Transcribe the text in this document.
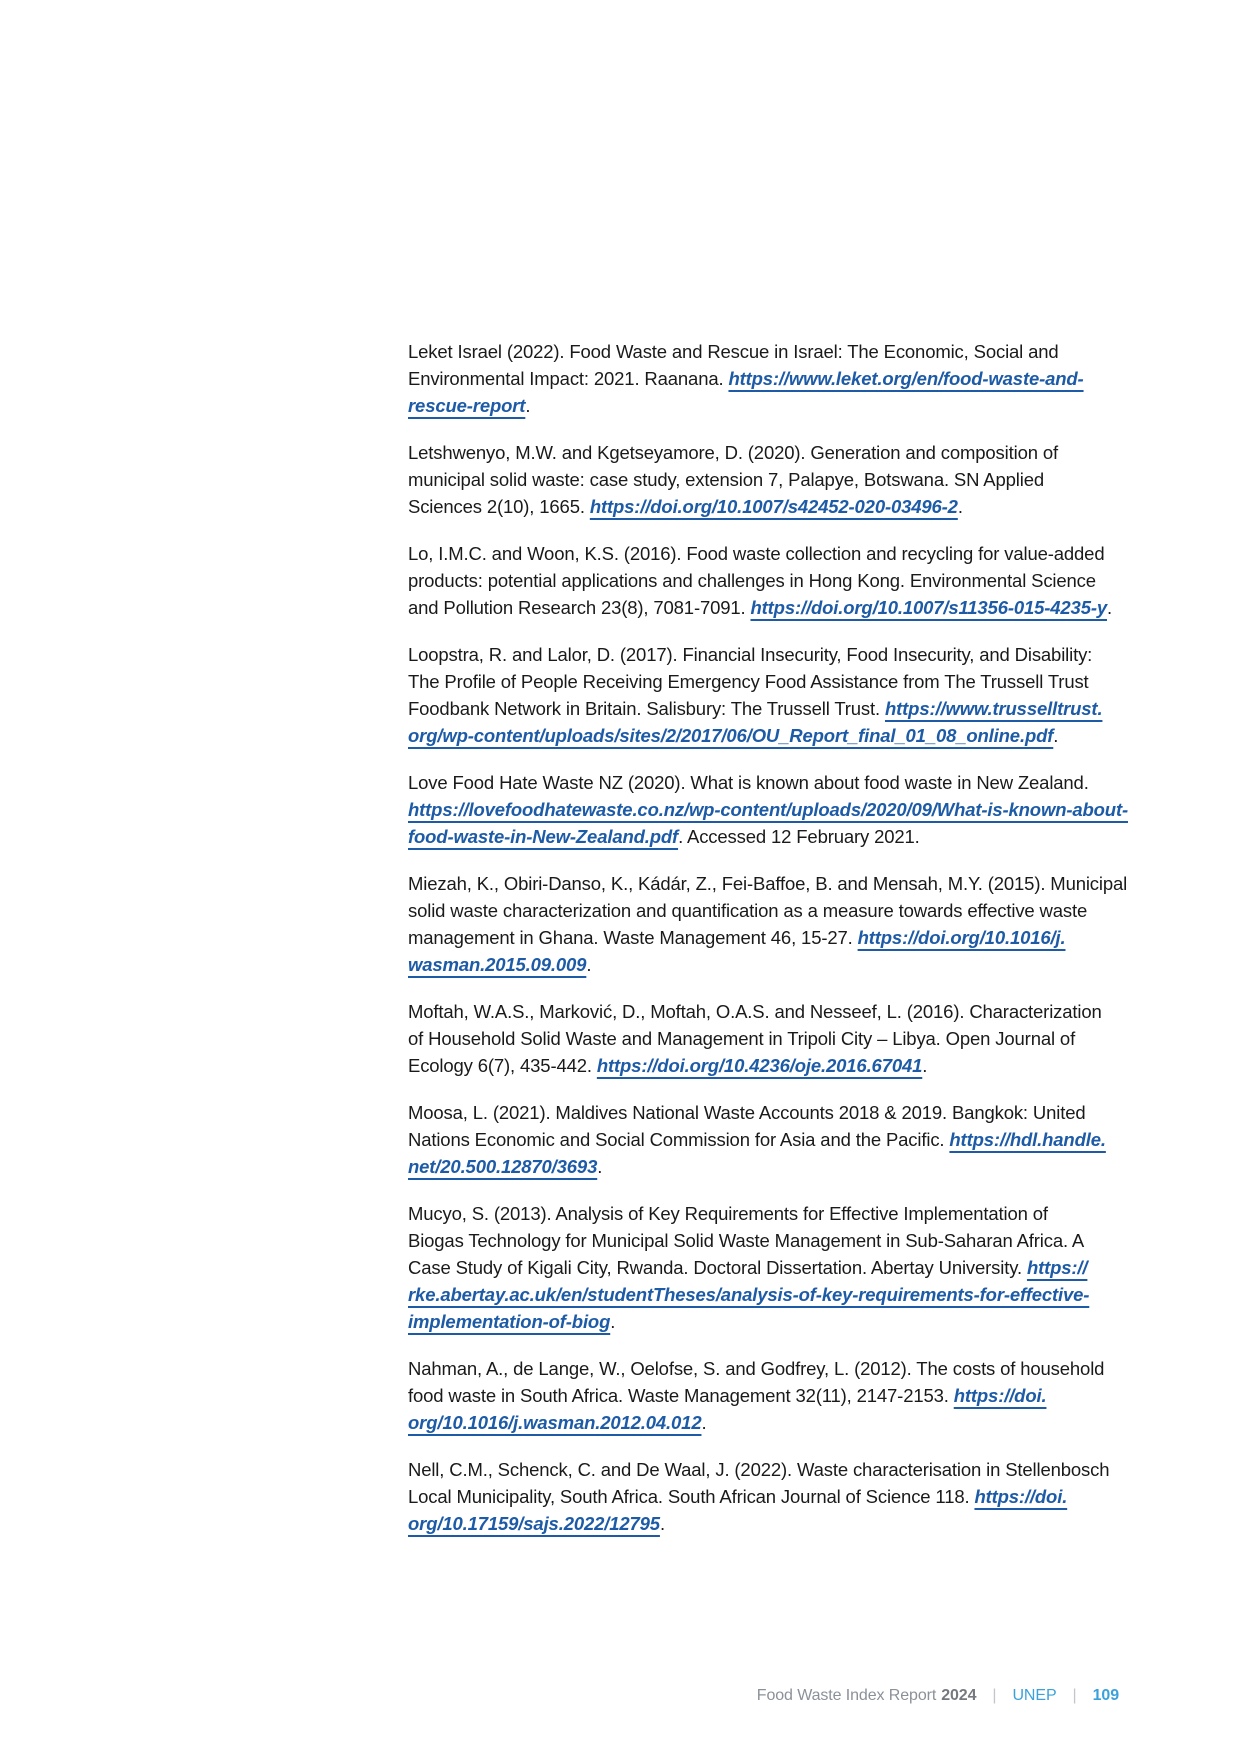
Leket Israel (2022). Food Waste and Rescue in Israel: The Economic, Social and
Environmental Impact: 2021. Raanana. https://www.leket.org/en/food-waste-and-
rescue-report.
Letshwenyo, M.W. and Kgetseyamore, D. (2020). Generation and composition of
municipal solid waste: case study, extension 7, Palapye, Botswana. SN Applied
Sciences 2(10), 1665. https://doi.org/10.1007/s42452-020-03496-2.
Lo, I.M.C. and Woon, K.S. (2016). Food waste collection and recycling for value-added
products: potential applications and challenges in Hong Kong. Environmental Science
and Pollution Research 23(8), 7081-7091. https://doi.org/10.1007/s11356-015-4235-y.
Loopstra, R. and Lalor, D. (2017). Financial Insecurity, Food Insecurity, and Disability:
The Profile of People Receiving Emergency Food Assistance from The Trussell Trust
Foodbank Network in Britain. Salisbury: The Trussell Trust. https://www.trusselltrust.
org/wp-content/uploads/sites/2/2017/06/OU_Report_final_01_08_online.pdf.
Love Food Hate Waste NZ (2020). What is known about food waste in New Zealand.
https://lovefoodhatewaste.co.nz/wp-content/uploads/2020/09/What-is-known-about-
food-waste-in-New-Zealand.pdf. Accessed 12 February 2021.
Miezah, K., Obiri-Danso, K., Kádár, Z., Fei-Baffoe, B. and Mensah, M.Y. (2015). Municipal
solid waste characterization and quantification as a measure towards effective waste
management in Ghana. Waste Management 46, 15-27. https://doi.org/10.1016/j.
wasman.2015.09.009.
Moftah, W.A.S., Marković, D., Moftah, O.A.S. and Nesseef, L. (2016). Characterization
of Household Solid Waste and Management in Tripoli City – Libya. Open Journal of
Ecology 6(7), 435-442. https://doi.org/10.4236/oje.2016.67041.
Moosa, L. (2021). Maldives National Waste Accounts 2018 & 2019. Bangkok: United
Nations Economic and Social Commission for Asia and the Pacific. https://hdl.handle.
net/20.500.12870/3693.
Mucyo, S. (2013). Analysis of Key Requirements for Effective Implementation of
Biogas Technology for Municipal Solid Waste Management in Sub-Saharan Africa. A
Case Study of Kigali City, Rwanda. Doctoral Dissertation. Abertay University. https://
rke.abertay.ac.uk/en/studentTheses/analysis-of-key-requirements-for-effective-
implementation-of-biog.
Nahman, A., de Lange, W., Oelofse, S. and Godfrey, L. (2012). The costs of household
food waste in South Africa. Waste Management 32(11), 2147-2153. https://doi.
org/10.1016/j.wasman.2012.04.012.
Nell, C.M., Schenck, C. and De Waal, J. (2022). Waste characterisation in Stellenbosch
Local Municipality, South Africa. South African Journal of Science 118. https://doi.
org/10.17159/sajs.2022/12795.
Food Waste Index Report 2024 | UNEP | 109
